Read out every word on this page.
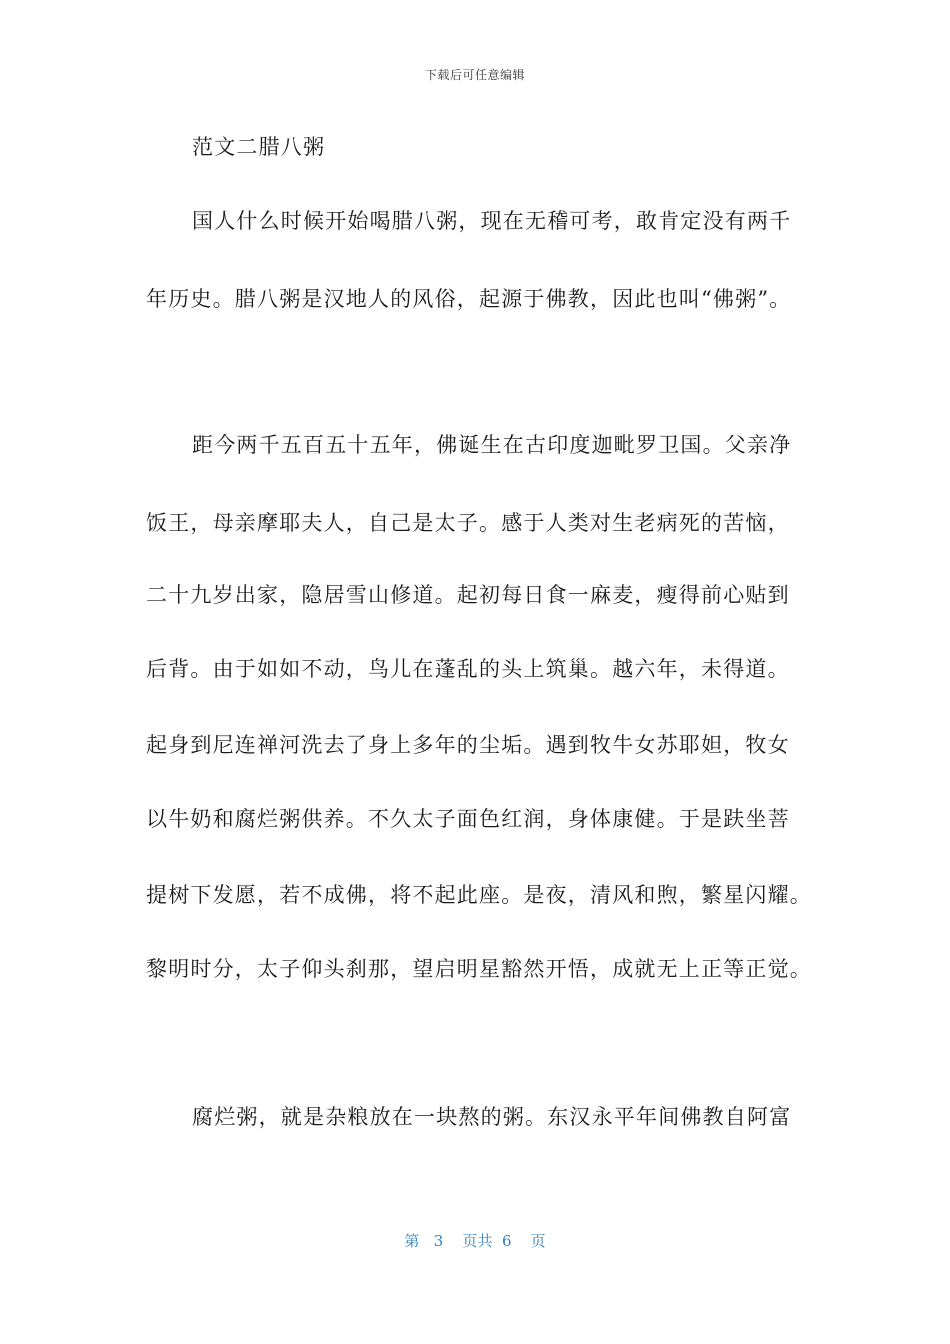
下载后可任意编辑
范文二腊八粥
国人什么时候开始喝腊八粥，现在无稽可考，敢肯定没有两千
年历史。腊八粥是汉地人的风俗，起源于佛教，因此也叫“佛粥”。
距今两千五百五十五年，佛诞生在古印度迦毗罗卫国。父亲净
饭王，母亲摩耶夫人，自己是太子。感于人类对生老病死的苦恼，
二十九岁出家，隐居雪山修道。起初每日食一麻麦，瘦得前心贴到
后背。由于如如不动，鸟儿在蓬乱的头上筑巢。越六年，未得道。
起身到尼连禅河洗去了身上多年的尘垢。遇到牧牛女苏耶妲，牧女
以牛奶和腐烂粥供养。不久太子面色红润，身体康健。于是趺坐菩
提树下发愿，若不成佛，将不起此座。是夜，清风和煦，繁星闪耀。
黎明时分，太子仰头刹那，望启明星豁然开悟，成就无上正等正觉。
腐烂粥，就是杂粮放在一块熬的粥。东汉永平年间佛教自阿富
第 3 页共 6 页
